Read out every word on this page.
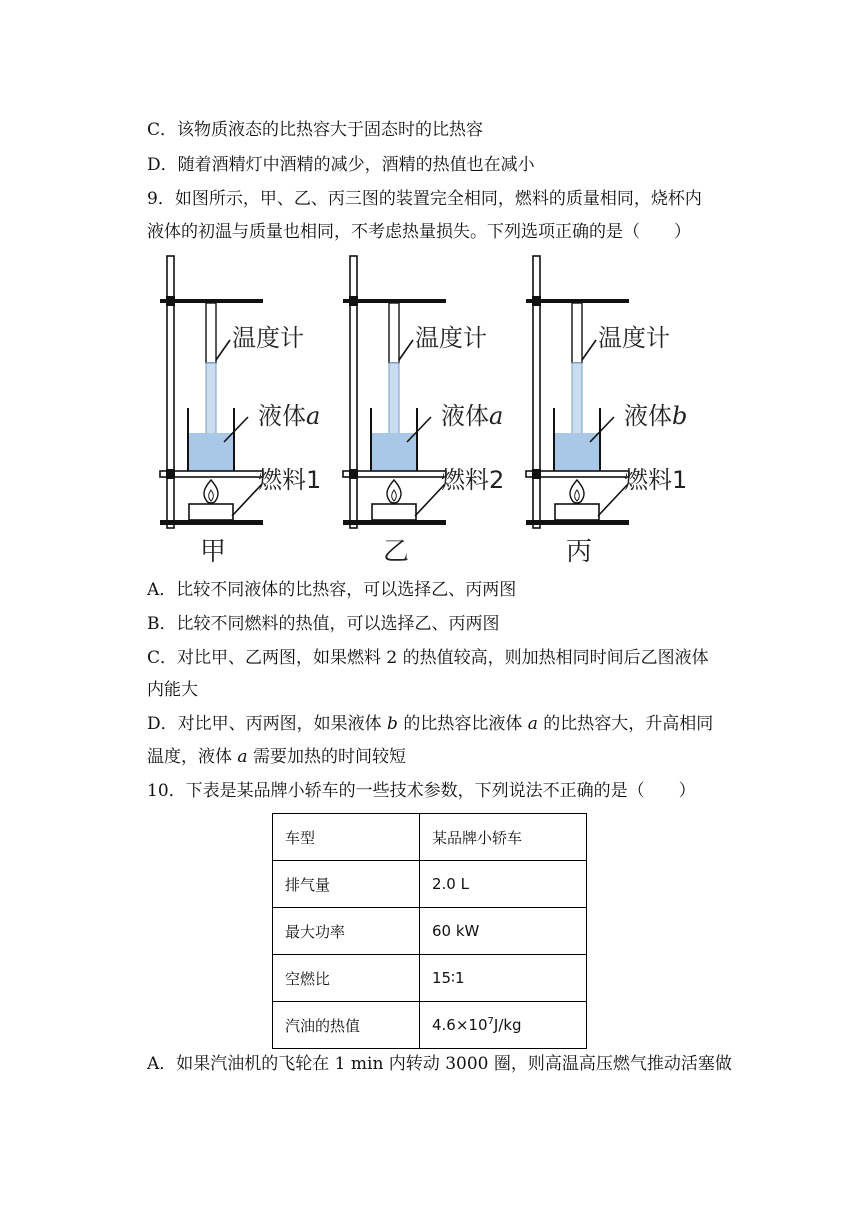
C．该物质液态的比热容大于固态时的比热容
D．随着酒精灯中酒精的减少，酒精的热值也在减小
9．如图所示，甲、乙、丙三图的装置完全相同，燃料的质量相同，烧杯内
液体的初温与质量也相同，不考虑热量损失。下列选项正确的是（　　）
温度计
液体a
燃料1
甲
温度计
液体a
燃料2
乙
温度计
液体b
燃料1
丙
A．比较不同液体的比热容，可以选择乙、丙两图
B．比较不同燃料的热值，可以选择乙、丙两图
C．对比甲、乙两图，如果燃料 2 的热值较高，则加热相同时间后乙图液体
内能大
D．对比甲、丙两图，如果液体 b 的比热容比液体 a 的比热容大，升高相同
温度，液体 a 需要加热的时间较短
10．下表是某品牌小轿车的一些技术参数，下列说法不正确的是（　　）
车型	某品牌小轿车
排气量	2.0 L
最大功率	60 kW
空燃比	15∶1
汽油的热值	$4.6\times 10^7J/kg$
A．如果汽油机的飞轮在 1 min 内转动 3000 圈，则高温高压燃气推动活塞做
